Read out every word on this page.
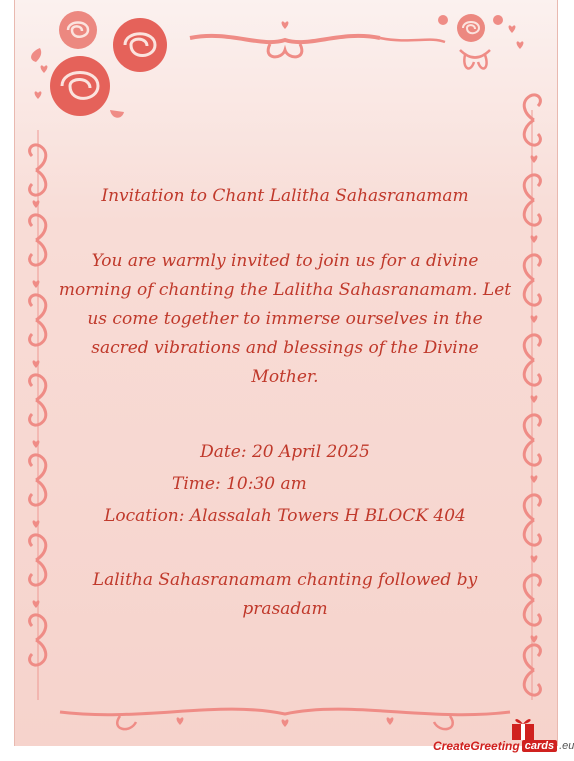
Invitation to Chant Lalitha Sahasranamam
You are warmly invited to join us for a divine morning of chanting the Lalitha Sahasranamam. Let us come together to immerse ourselves in the sacred vibrations and blessings of the Divine Mother.
Date: 20 April 2025
Time: 10:30 am
Location: Alassalah Towers H BLOCK 404
Lalitha Sahasranamam chanting followed by prasadam
CreateGreeting cards .eu
